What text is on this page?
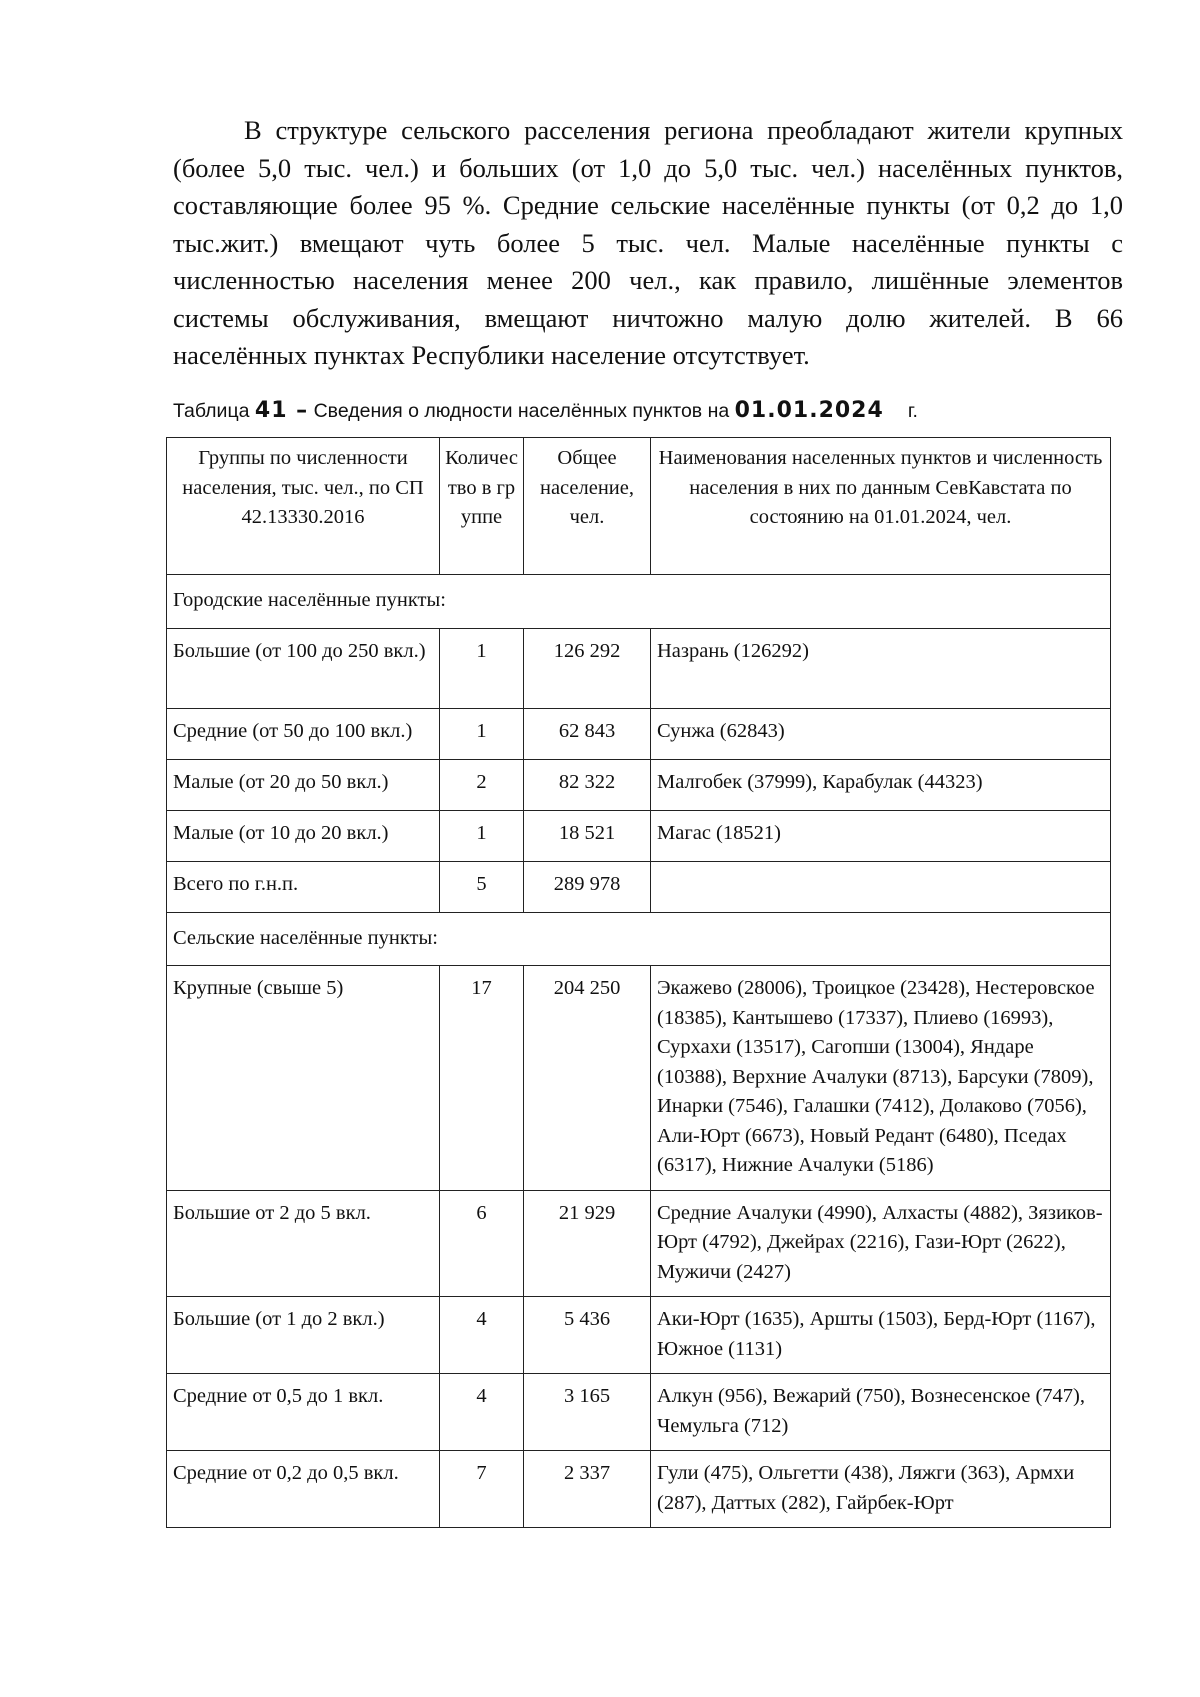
В структуре сельского расселения региона преобладают жители крупных (более 5,0 тыс. чел.) и больших (от 1,0 до 5,0 тыс. чел.) населённых пунктов, составляющие более 95 %. Средние сельские населённые пункты (от 0,2 до 1,0 тыс.жит.) вмещают чуть более 5 тыс. чел. Малые населённые пункты с численностью населения менее 200 чел., как правило, лишённые элементов системы обслуживания, вмещают ничтожно малую долю жителей. В 66 населённых пунктах Республики население отсутствует.

Таблица 41 – Сведения о людности населённых пунктов на 01.01.2024 г.
Группы по численности населения, тыс. чел., по СП 42.13330.2016	Количество в группе	Общее население, чел.	Наименования населенных пунктов и численность населения в них по данным СевКавстата по состоянию на 01.01.2024, чел.
Городские населённые пункты:			
Большие (от 100 до 250 вкл.)	1	126 292	Назрань (126292)
Средние (от 50 до 100 вкл.)	1	62 843	Сунжа (62843)
Малые (от 20 до 50 вкл.)	2	82 322	Малгобек (37999), Карабулак (44323)
Малые (от 10 до 20 вкл.)	1	18 521	Магас (18521)
Всего по г.н.п.	5	289 978	
Сельские населённые пункты:			
Крупные (свыше 5)	17	204 250	Экажево (28006), Троицкое (23428), Нестеровское (18385), Кантышево (17337), Плиево (16993), Сурхахи (13517), Сагопши (13004), Яндаре (10388), Верхние Ачалуки (8713), Барсуки (7809), Инарки (7546), Галашки (7412), Долаково (7056), Али-Юрт (6673), Новый Редант (6480), Пседах (6317), Нижние Ачалуки (5186)
Большие от 2 до 5 вкл.	6	21 929	Средние Ачалуки (4990), Алхасты (4882), Зязиков-Юрт (4792), Джейрах (2216), Гази-Юрт (2622), Мужичи (2427)
Большие (от 1 до 2 вкл.)	4	5 436	Аки-Юрт (1635), Аршты (1503), Берд-Юрт (1167), Южное (1131)
Средние от 0,5 до 1 вкл.	4	3 165	Алкун (956), Вежарий (750), Вознесенское (747), Чемульга (712)
Средние от 0,2 до 0,5 вкл.	7	2 337	Гули (475), Ольгетти (438), Ляжги (363), Армхи (287), Даттых (282), Гайрбек-Юрт
